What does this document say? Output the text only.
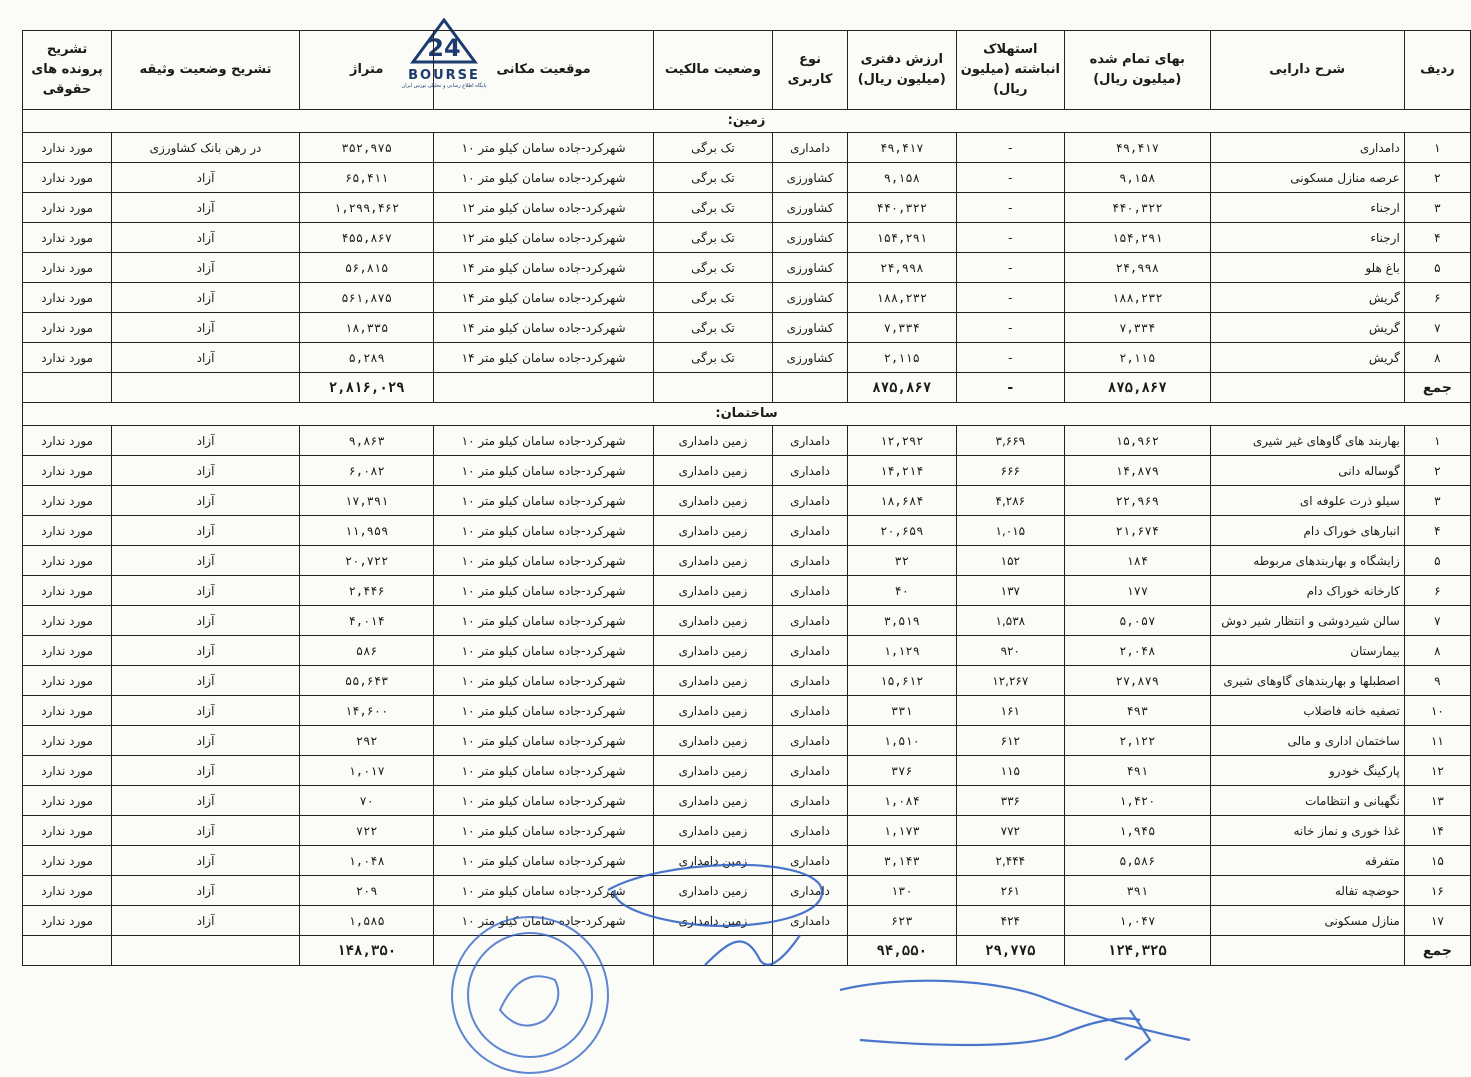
24
BOURSE
پایگاه اطلاع رسانی و تحلیلی بورس ایران
ردیف	شرح دارایی	بهای تمام شده (میلیون ریال)	استهلاک انباشته (میلیون ریال)	ارزش دفتری (میلیون ریال)	نوع کاربری	وضعیت مالکیت	موقعیت مکانی	متراژ	تشریح وضعیت وثیقه	تشریح پرونده های حقوقی
زمین:										
۱	دامداری	۴۹,۴۱۷	-	۴۹,۴۱۷	دامداری	تک برگی	شهرکرد-جاده سامان کیلو متر ۱۰	۳۵۲,۹۷۵	در رهن بانک کشاورزی	مورد ندارد
۲	عرصه منازل مسکونی	۹,۱۵۸	-	۹,۱۵۸	کشاورزی	تک برگی	شهرکرد-جاده سامان کیلو متر ۱۰	۶۵,۴۱۱	آزاد	مورد ندارد
۳	ارجناء	۴۴۰,۳۲۲	-	۴۴۰,۳۲۲	کشاورزی	تک برگی	شهرکرد-جاده سامان کیلو متر ۱۲	۱,۲۹۹,۴۶۲	آزاد	مورد ندارد
۴	ارجناء	۱۵۴,۲۹۱	-	۱۵۴,۲۹۱	کشاورزی	تک برگی	شهرکرد-جاده سامان کیلو متر ۱۲	۴۵۵,۸۶۷	آزاد	مورد ندارد
۵	باغ هلو	۲۴,۹۹۸	-	۲۴,۹۹۸	کشاورزی	تک برگی	شهرکرد-جاده سامان کیلو متر ۱۴	۵۶,۸۱۵	آزاد	مورد ندارد
۶	گریش	۱۸۸,۲۳۲	-	۱۸۸,۲۳۲	کشاورزی	تک برگی	شهرکرد-جاده سامان کیلو متر ۱۴	۵۶۱,۸۷۵	آزاد	مورد ندارد
۷	گریش	۷,۳۳۴	-	۷,۳۳۴	کشاورزی	تک برگی	شهرکرد-جاده سامان کیلو متر ۱۴	۱۸,۳۳۵	آزاد	مورد ندارد
۸	گریش	۲,۱۱۵	-	۲,۱۱۵	کشاورزی	تک برگی	شهرکرد-جاده سامان کیلو متر ۱۴	۵,۲۸۹	آزاد	مورد ندارد
جمع		۸۷۵,۸۶۷	-	۸۷۵,۸۶۷				۲,۸۱۶,۰۲۹		
ساختمان:										
۱	بهاربند های گاوهای غیر شیری	۱۵,۹۶۲	۳,۶۶۹	۱۲,۲۹۲	دامداری	زمین دامداری	شهرکرد-جاده سامان کیلو متر ۱۰	۹,۸۶۳	آزاد	مورد ندارد
۲	گوساله دانی	۱۴,۸۷۹	۶۶۶	۱۴,۲۱۴	دامداری	زمین دامداری	شهرکرد-جاده سامان کیلو متر ۱۰	۶,۰۸۲	آزاد	مورد ندارد
۳	سیلو ذرت علوفه ای	۲۲,۹۶۹	۴,۲۸۶	۱۸,۶۸۴	دامداری	زمین دامداری	شهرکرد-جاده سامان کیلو متر ۱۰	۱۷,۳۹۱	آزاد	مورد ندارد
۴	انبارهای خوراک دام	۲۱,۶۷۴	۱,۰۱۵	۲۰,۶۵۹	دامداری	زمین دامداری	شهرکرد-جاده سامان کیلو متر ۱۰	۱۱,۹۵۹	آزاد	مورد ندارد
۵	زایشگاه و بهاربندهای مربوطه	۱۸۴	۱۵۲	۳۲	دامداری	زمین دامداری	شهرکرد-جاده سامان کیلو متر ۱۰	۲۰,۷۲۲	آزاد	مورد ندارد
۶	کارخانه خوراک دام	۱۷۷	۱۳۷	۴۰	دامداری	زمین دامداری	شهرکرد-جاده سامان کیلو متر ۱۰	۲,۴۴۶	آزاد	مورد ندارد
۷	سالن شیردوشی و انتظار شیر دوش	۵,۰۵۷	۱,۵۳۸	۳,۵۱۹	دامداری	زمین دامداری	شهرکرد-جاده سامان کیلو متر ۱۰	۴,۰۱۴	آزاد	مورد ندارد
۸	بیمارستان	۲,۰۴۸	۹۲۰	۱,۱۲۹	دامداری	زمین دامداری	شهرکرد-جاده سامان کیلو متر ۱۰	۵۸۶	آزاد	مورد ندارد
۹	اصطبلها و بهاربندهای گاوهای شیری	۲۷,۸۷۹	۱۲,۲۶۷	۱۵,۶۱۲	دامداری	زمین دامداری	شهرکرد-جاده سامان کیلو متر ۱۰	۵۵,۶۴۳	آزاد	مورد ندارد
۱۰	تصفیه خانه فاضلاب	۴۹۳	۱۶۱	۳۳۱	دامداری	زمین دامداری	شهرکرد-جاده سامان کیلو متر ۱۰	۱۴,۶۰۰	آزاد	مورد ندارد
۱۱	ساختمان اداری و مالی	۲,۱۲۲	۶۱۲	۱,۵۱۰	دامداری	زمین دامداری	شهرکرد-جاده سامان کیلو متر ۱۰	۲۹۲	آزاد	مورد ندارد
۱۲	پارکینگ خودرو	۴۹۱	۱۱۵	۳۷۶	دامداری	زمین دامداری	شهرکرد-جاده سامان کیلو متر ۱۰	۱,۰۱۷	آزاد	مورد ندارد
۱۳	نگهبانی و انتظامات	۱,۴۲۰	۳۳۶	۱,۰۸۴	دامداری	زمین دامداری	شهرکرد-جاده سامان کیلو متر ۱۰	۷۰	آزاد	مورد ندارد
۱۴	غذا خوری و نماز خانه	۱,۹۴۵	۷۷۲	۱,۱۷۳	دامداری	زمین دامداری	شهرکرد-جاده سامان کیلو متر ۱۰	۷۲۲	آزاد	مورد ندارد
۱۵	متفرقه	۵,۵۸۶	۲,۴۴۴	۳,۱۴۳	دامداری	زمین دامداری	شهرکرد-جاده سامان کیلو متر ۱۰	۱,۰۴۸	آزاد	مورد ندارد
۱۶	حوضچه تفاله	۳۹۱	۲۶۱	۱۳۰	دامداری	زمین دامداری	شهرکرد-جاده سامان کیلو متر ۱۰	۲۰۹	آزاد	مورد ندارد
۱۷	منازل مسکونی	۱,۰۴۷	۴۲۴	۶۲۳	دامداری	زمین دامداری	شهرکرد-جاده سامان کیلو متر ۱۰	۱,۵۸۵	آزاد	مورد ندارد
جمع		۱۲۴,۳۲۵	۲۹,۷۷۵	۹۴,۵۵۰				۱۴۸,۳۵۰		
